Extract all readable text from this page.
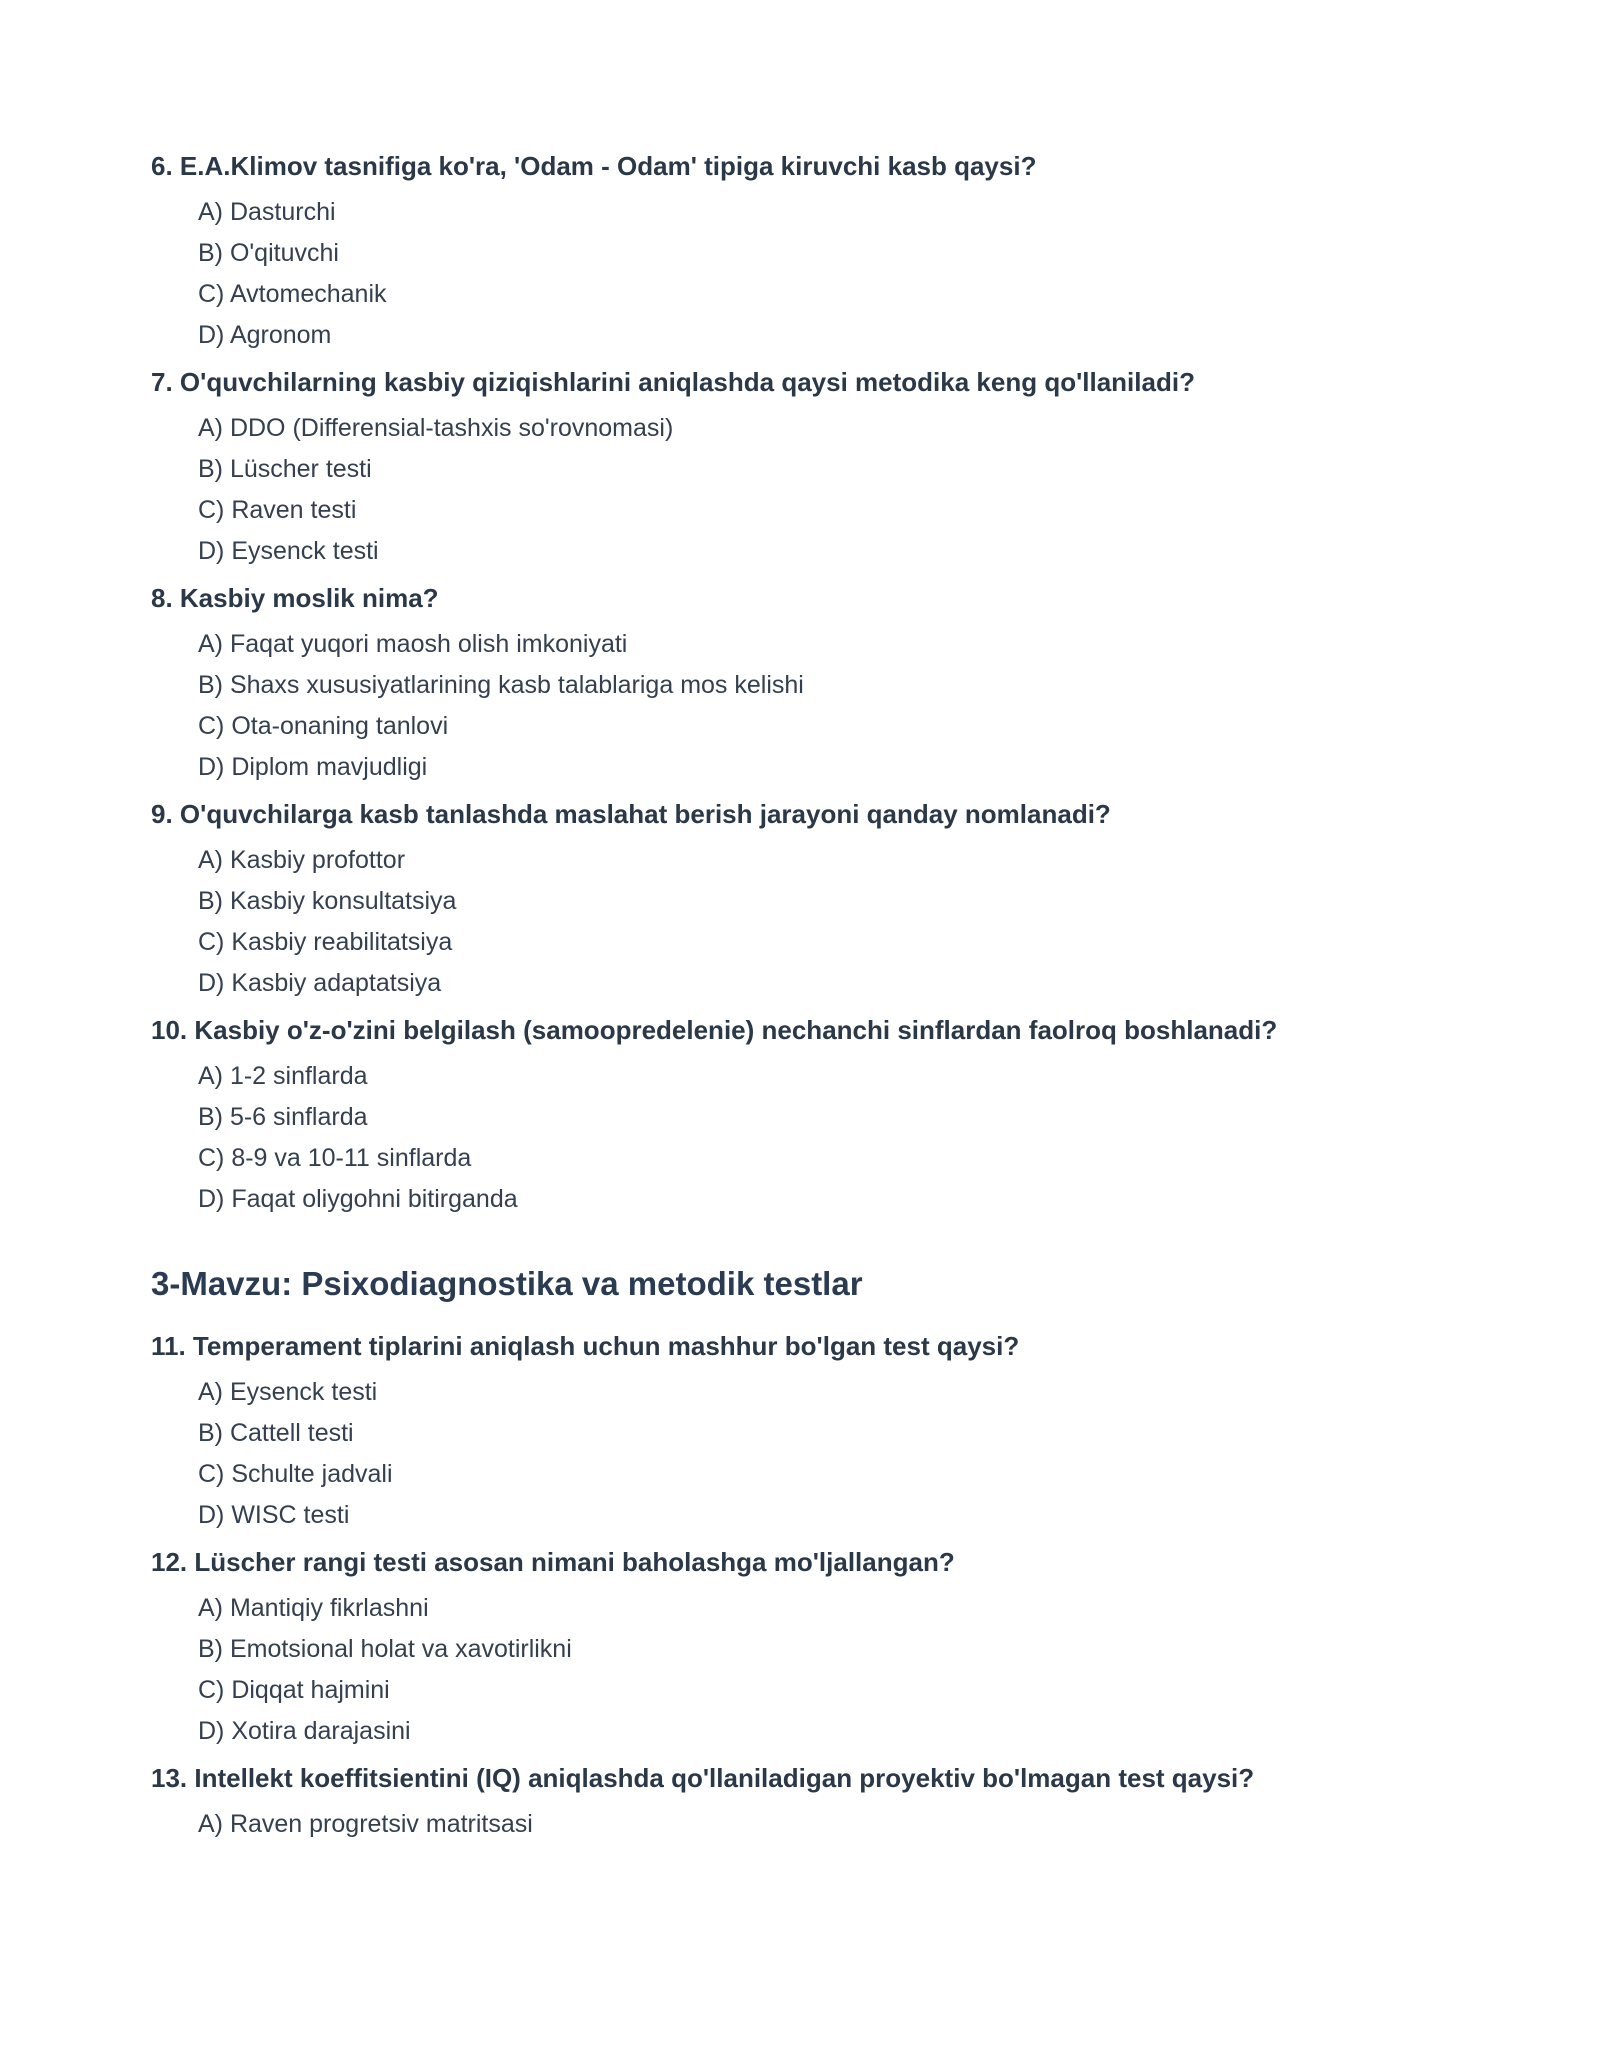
6. E.A.Klimov tasnifiga ko'ra, 'Odam - Odam' tipiga kiruvchi kasb qaysi?
A) Dasturchi
B) O'qituvchi
C) Avtomechanik
D) Agronom
7. O'quvchilarning kasbiy qiziqishlarini aniqlashda qaysi metodika keng qo'llaniladi?
A) DDO (Differensial-tashxis so'rovnomasi)
B) Lüscher testi
C) Raven testi
D) Eysenck testi
8. Kasbiy moslik nima?
A) Faqat yuqori maosh olish imkoniyati
B) Shaxs xususiyatlarining kasb talablariga mos kelishi
C) Ota-onaning tanlovi
D) Diplom mavjudligi
9. O'quvchilarga kasb tanlashda maslahat berish jarayoni qanday nomlanadi?
A) Kasbiy profottor
B) Kasbiy konsultatsiya
C) Kasbiy reabilitatsiya
D) Kasbiy adaptatsiya
10. Kasbiy o'z-o'zini belgilash (samoopredelenie) nechanchi sinflardan faolroq boshlanadi?
A) 1-2 sinflarda
B) 5-6 sinflarda
C) 8-9 va 10-11 sinflarda
D) Faqat oliygohni bitirganda
3-Mavzu: Psixodiagnostika va metodik testlar
11. Temperament tiplarini aniqlash uchun mashhur bo'lgan test qaysi?
A) Eysenck testi
B) Cattell testi
C) Schulte jadvali
D) WISC testi
12. Lüscher rangi testi asosan nimani baholashga mo'ljallangan?
A) Mantiqiy fikrlashni
B) Emotsional holat va xavotirlikni
C) Diqqat hajmini
D) Xotira darajasini
13. Intellekt koeffitsientini (IQ) aniqlashda qo'llaniladigan proyektiv bo'lmagan test qaysi?
A) Raven progretsiv matritsasi
